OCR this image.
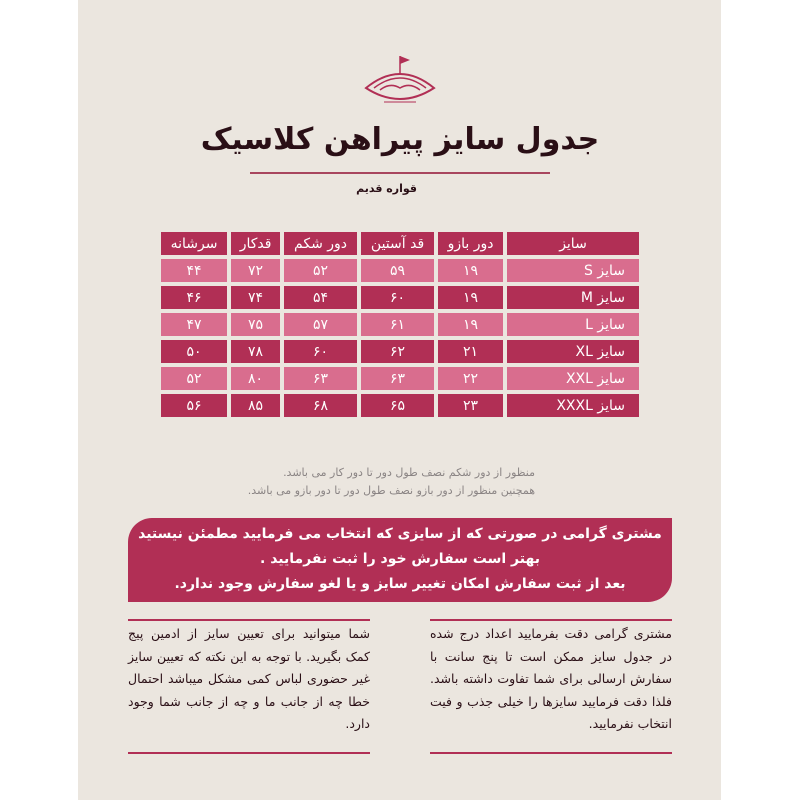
جدول سایز پیراهن کلاسیک
قواره قدیم
سایز	دور بازو	قد آستین	دور شکم	قدکار	سرشانه
سایز S	۱۹	۵۹	۵۲	۷۲	۴۴
سایز M	۱۹	۶۰	۵۴	۷۴	۴۶
سایز L	۱۹	۶۱	۵۷	۷۵	۴۷
سایز XL	۲۱	۶۲	۶۰	۷۸	۵۰
سایز XXL	۲۲	۶۳	۶۳	۸۰	۵۲
سایز XXXL	۲۳	۶۵	۶۸	۸۵	۵۶
منظور از دور شکم نصف طول دور تا دور کار می باشد.
همچنین منظور از دور بازو نصف طول دور تا دور بازو می باشد.
مشتری گرامی در صورتی که از سایزی که انتخاب می فرمایید مطمئن نیستید
بهتر است سفارش خود را ثبت نفرمایید .
بعد از ثبت سفارش امکان تغییر سایز و یا لغو سفارش وجود ندارد.
مشتری گرامی دقت بفرمایید اعداد درج شده در جدول سایز ممکن است تا پنج سانت با سفارش ارسالی برای شما تفاوت داشته باشد. فلذا دقت فرمایید سایزها را خیلی جذب و فیت انتخاب نفرمایید.
شما میتوانید برای تعیین سایز از ادمین پیج کمک بگیرید. با توجه به این نکته که تعیین سایز غیر حضوری لباس کمی مشکل میباشد احتمال خطا چه از جانب ما و چه از جانب شما وجود دارد.
